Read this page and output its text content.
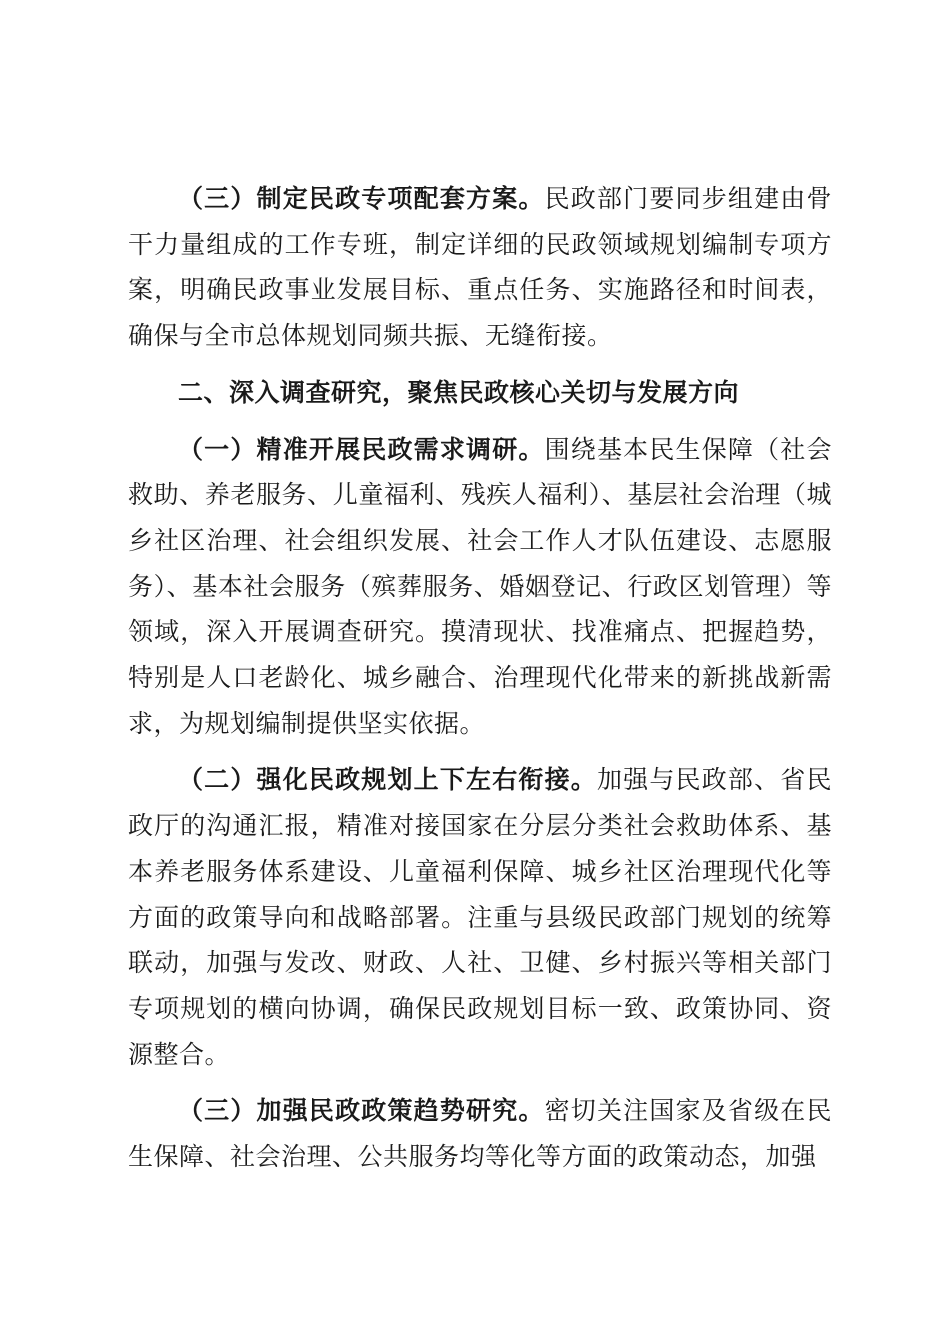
（三）制定民政专项配套方案。民政部门要同步组建由骨干力量组成的工作专班，制定详细的民政领域规划编制专项方案，明确民政事业发展目标、重点任务、实施路径和时间表，确保与全市总体规划同频共振、无缝衔接。

二、深入调查研究，聚焦民政核心关切与发展方向

（一）精准开展民政需求调研。围绕基本民生保障（社会救助、养老服务、儿童福利、残疾人福利）、基层社会治理（城乡社区治理、社会组织发展、社会工作人才队伍建设、志愿服务）、基本社会服务（殡葬服务、婚姻登记、行政区划管理）等领域，深入开展调查研究。摸清现状、找准痛点、把握趋势，特别是人口老龄化、城乡融合、治理现代化带来的新挑战新需求，为规划编制提供坚实依据。

（二）强化民政规划上下左右衔接。加强与民政部、省民政厅的沟通汇报，精准对接国家在分层分类社会救助体系、基本养老服务体系建设、儿童福利保障、城乡社区治理现代化等方面的政策导向和战略部署。注重与县级民政部门规划的统筹联动，加强与发改、财政、人社、卫健、乡村振兴等相关部门专项规划的横向协调，确保民政规划目标一致、政策协同、资源整合。

（三）加强民政政策趋势研究。密切关注国家及省级在民生保障、社会治理、公共服务均等化等方面的政策动态，加强
